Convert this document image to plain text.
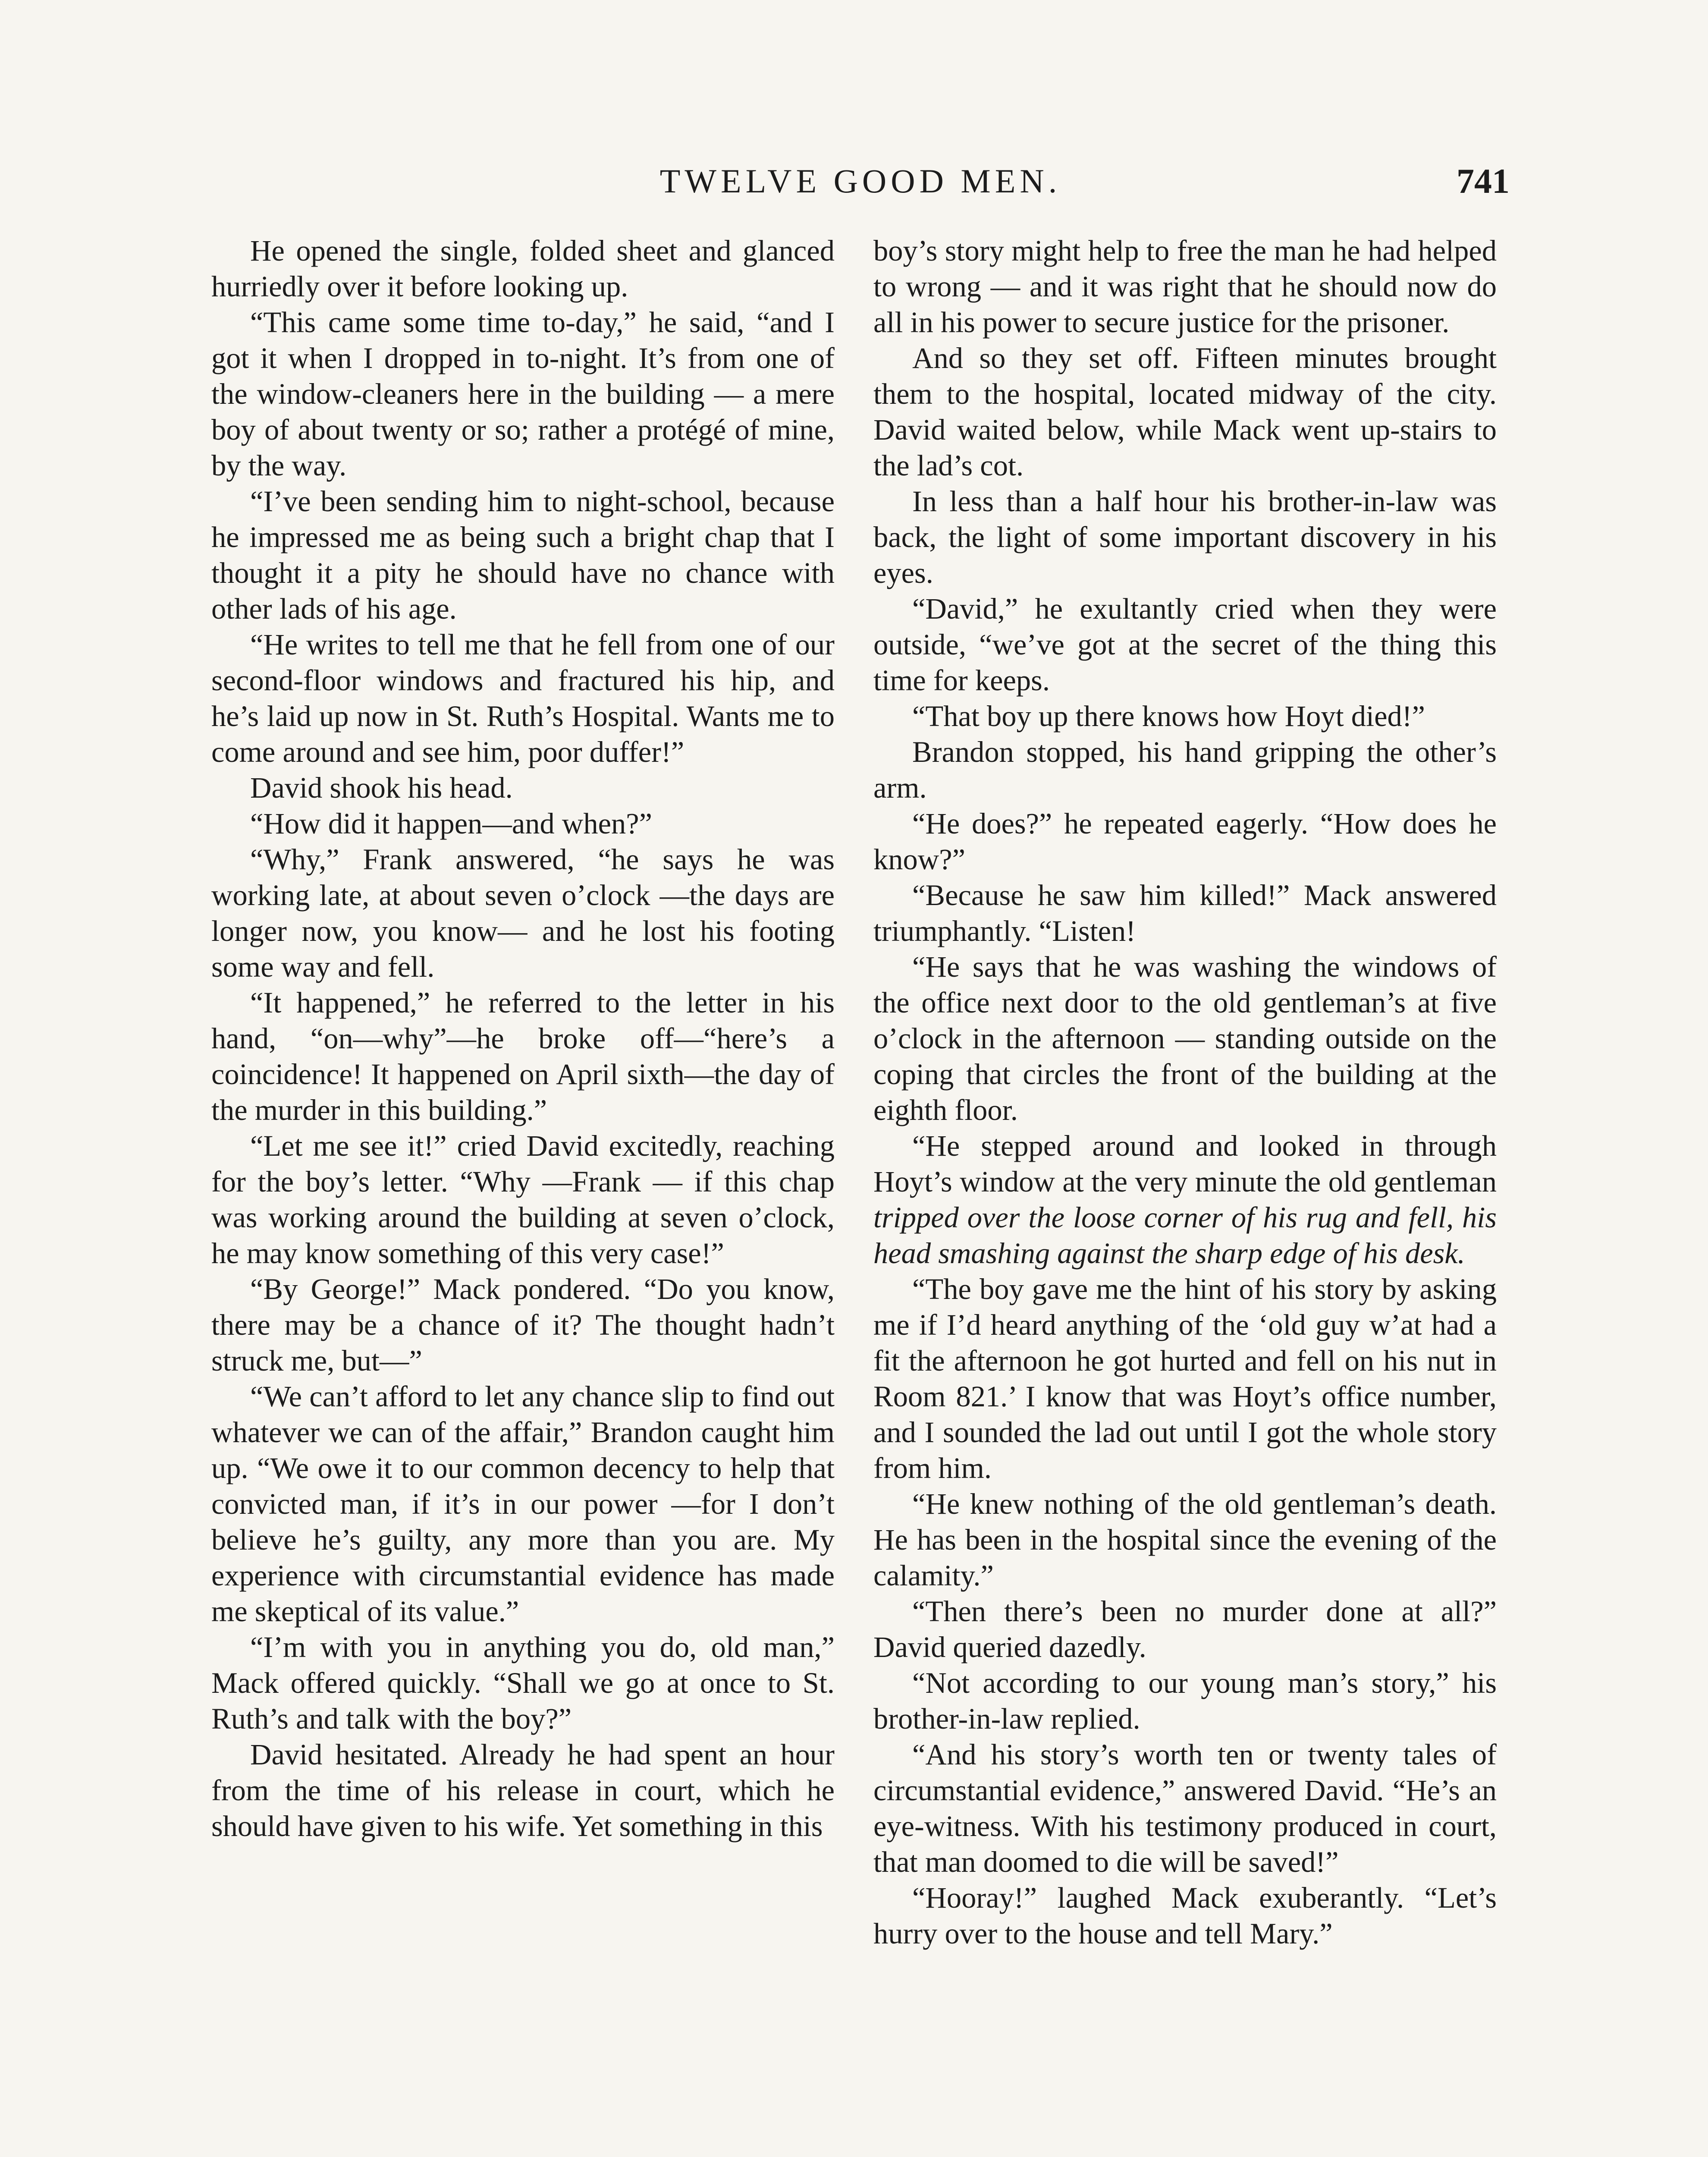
TWELVE GOOD MEN.	741

He opened the single, folded sheet and glanced hurriedly over it before looking up.

“This came some time to-day,” he said, “and I got it when I dropped in to-night. It’s from one of the window-cleaners here in the building — a mere boy of about twenty or so; rather a protégé of mine, by the way.

“I’ve been sending him to night-school, because he impressed me as being such a bright chap that I thought it a pity he should have no chance with other lads of his age.

“He writes to tell me that he fell from one of our second-floor windows and fractured his hip, and he’s laid up now in St. Ruth’s Hospital. Wants me to come around and see him, poor duffer!”

David shook his head.

“How did it happen—and when?”

“Why,” Frank answered, “he says he was working late, at about seven o’clock —the days are longer now, you know— and he lost his footing some way and fell.

“It happened,” he referred to the letter in his hand, “on—why”—he broke off—“here’s a coincidence! It happened on April sixth—the day of the murder in this building.”

“Let me see it!” cried David excitedly, reaching for the boy’s letter. “Why —Frank — if this chap was working around the building at seven o’clock, he may know something of this very case!”

“By George!” Mack pondered. “Do you know, there may be a chance of it? The thought hadn’t struck me, but—”

“We can’t afford to let any chance slip to find out whatever we can of the affair,” Brandon caught him up. “We owe it to our common decency to help that convicted man, if it’s in our power —for I don’t believe he’s guilty, any more than you are. My experience with circumstantial evidence has made me skeptical of its value.”

“I’m with you in anything you do, old man,” Mack offered quickly. “Shall we go at once to St. Ruth’s and talk with the boy?”

David hesitated. Already he had spent an hour from the time of his release in court, which he should have given to his wife. Yet something in this

boy’s story might help to free the man he had helped to wrong — and it was right that he should now do all in his power to secure justice for the prisoner.

And so they set off. Fifteen minutes brought them to the hospital, located midway of the city. David waited below, while Mack went up-stairs to the lad’s cot.

In less than a half hour his brother-in-law was back, the light of some important discovery in his eyes.

“David,” he exultantly cried when they were outside, “we’ve got at the secret of the thing this time for keeps.

“That boy up there knows how Hoyt died!”

Brandon stopped, his hand gripping the other’s arm.

“He does?” he repeated eagerly. “How does he know?”

“Because he saw him killed!” Mack answered triumphantly. “Listen!

“He says that he was washing the windows of the office next door to the old gentleman’s at five o’clock in the afternoon — standing outside on the coping that circles the front of the building at the eighth floor.

“He stepped around and looked in through Hoyt’s window at the very minute the old gentleman tripped over the loose corner of his rug and fell, his head smashing against the sharp edge of his desk.

“The boy gave me the hint of his story by asking me if I’d heard anything of the ‘old guy w’at had a fit the afternoon he got hurted and fell on his nut in Room 821.’ I know that was Hoyt’s office number, and I sounded the lad out until I got the whole story from him.

“He knew nothing of the old gentleman’s death. He has been in the hospital since the evening of the calamity.”

“Then there’s been no murder done at all?” David queried dazedly.

“Not according to our young man’s story,” his brother-in-law replied.

“And his story’s worth ten or twenty tales of circumstantial evidence,” answered David. “He’s an eye-witness. With his testimony produced in court, that man doomed to die will be saved!”

“Hooray!” laughed Mack exuberantly. “Let’s hurry over to the house and tell Mary.”
